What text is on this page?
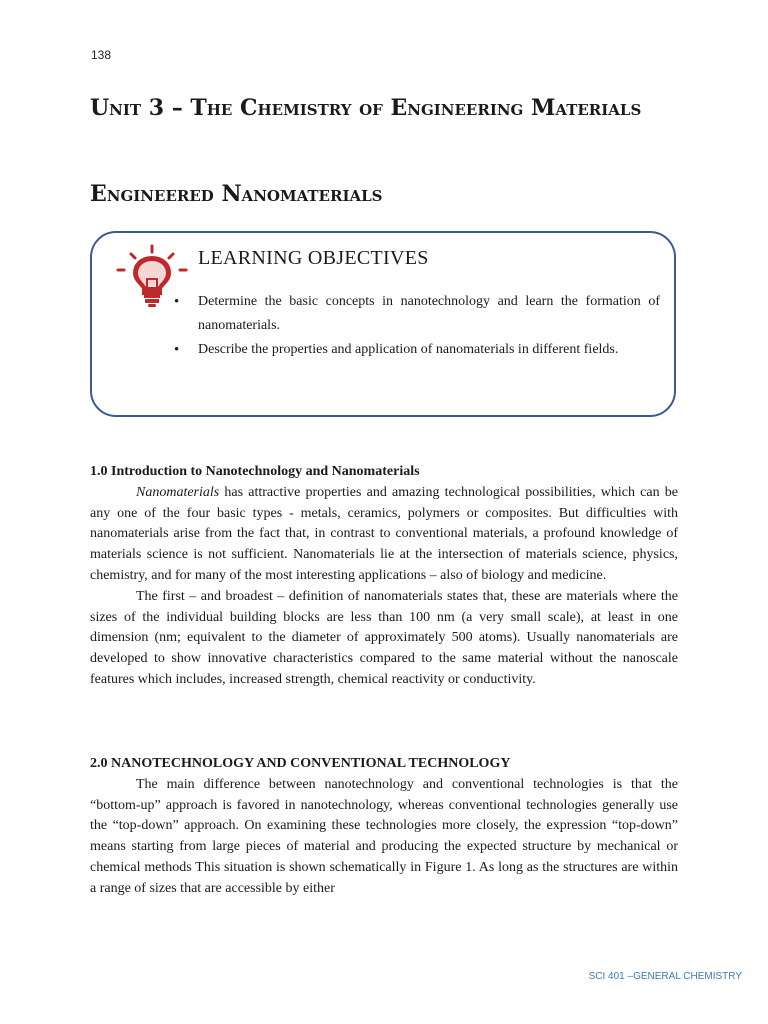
138
Unit 3 – The Chemistry of Engineering Materials
Engineered Nanomaterials
LEARNING OBJECTIVES
• Determine the basic concepts in nanotechnology and learn the formation of nanomaterials.
• Describe the properties and application of nanomaterials in different fields.

1.0 Introduction to Nanotechnology and Nanomaterials

Nanomaterials has attractive properties and amazing technological possibilities, which can be any one of the four basic types - metals, ceramics, polymers or composites. But difficulties with nanomaterials arise from the fact that, in contrast to conventional materials, a profound knowledge of materials science is not sufficient. Nanomaterials lie at the intersection of materials science, physics, chemistry, and for many of the most interesting applications – also of biology and medicine.

The first – and broadest – definition of nanomaterials states that, these are materials where the sizes of the individual building blocks are less than 100 nm (a very small scale), at least in one dimension (nm; equivalent to the diameter of approximately 500 atoms). Usually nanomaterials are developed to show innovative characteristics compared to the same material without the nanoscale features which includes, increased strength, chemical reactivity or conductivity.

2.0 NANOTECHNOLOGY AND CONVENTIONAL TECHNOLOGY

The main difference between nanotechnology and conventional technologies is that the “bottom-up” approach is favored in nanotechnology, whereas conventional technologies generally use the “top-down” approach. On examining these technologies more closely, the expression “top-down” means starting from large pieces of material and producing the expected structure by mechanical or chemical methods This situation is shown schematically in Figure 1. As long as the structures are within a range of sizes that are accessible by either

SCI 401 –GENERAL CHEMISTRY
